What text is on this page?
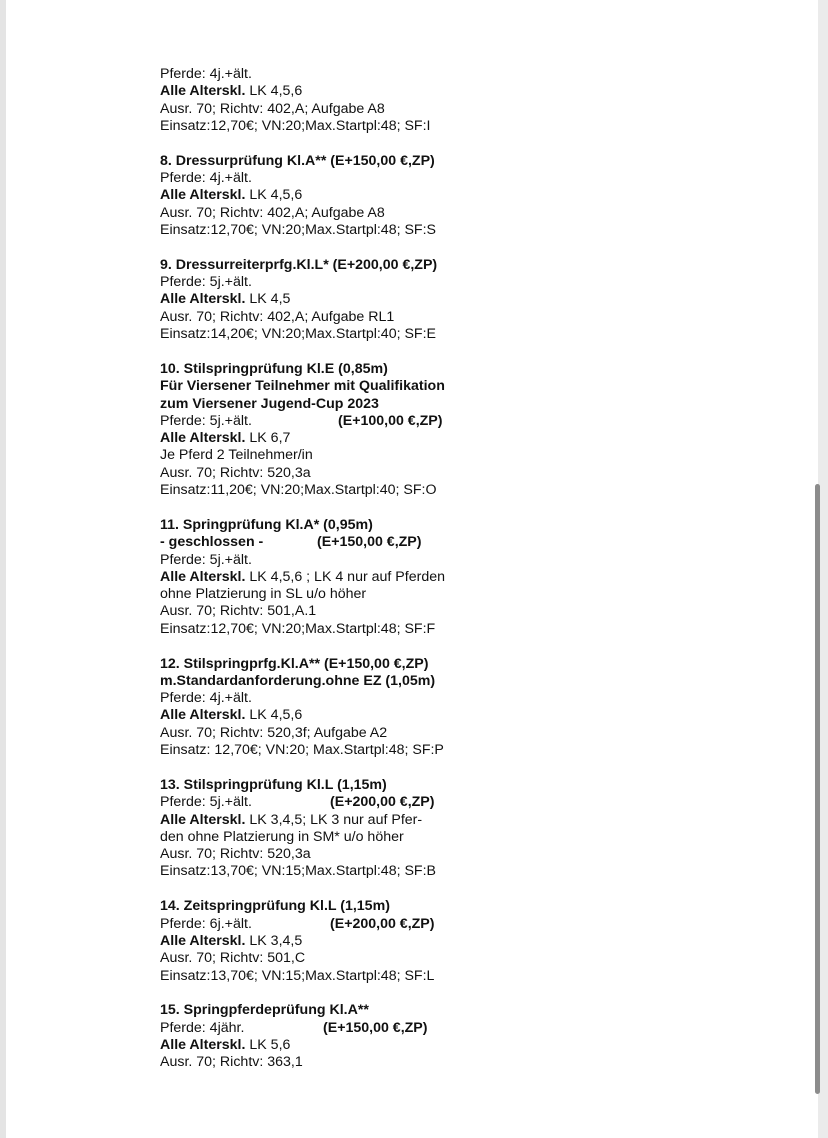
Pferde: 4j.+ält.
Alle Alterskl. LK 4,5,6
Ausr. 70; Richtv: 402,A; Aufgabe A8
Einsatz:12,70€; VN:20;Max.Startpl:48; SF:I
8. Dressurprüfung Kl.A** (E+150,00 €,ZP)
Pferde: 4j.+ält.
Alle Alterskl. LK 4,5,6
Ausr. 70; Richtv: 402,A; Aufgabe A8
Einsatz:12,70€; VN:20;Max.Startpl:48; SF:S
9. Dressurreiterprfg.Kl.L* (E+200,00 €,ZP)
Pferde: 5j.+ält.
Alle Alterskl. LK 4,5
Ausr. 70; Richtv: 402,A; Aufgabe RL1
Einsatz:14,20€; VN:20;Max.Startpl:40; SF:E
10. Stilspringprüfung Kl.E (0,85m)
Für Viersener Teilnehmer mit Qualifikation
zum Viersener Jugend-Cup 2023
Pferde: 5j.+ält.	(E+100,00 €,ZP)
Alle Alterskl. LK 6,7
Je Pferd 2 Teilnehmer/in
Ausr. 70; Richtv: 520,3a
Einsatz:11,20€; VN:20;Max.Startpl:40; SF:O
11. Springprüfung Kl.A* (0,95m)
- geschlossen -	(E+150,00 €,ZP)
Pferde: 5j.+ält.
Alle Alterskl. LK 4,5,6 ; LK 4 nur auf Pferden
ohne Platzierung in SL u/o höher
Ausr. 70; Richtv: 501,A.1
Einsatz:12,70€; VN:20;Max.Startpl:48; SF:F
12. Stilspringprfg.Kl.A** (E+150,00 €,ZP)
m.Standardanforderung.ohne EZ (1,05m)
Pferde: 4j.+ält.
Alle Alterskl. LK 4,5,6
Ausr. 70; Richtv: 520,3f; Aufgabe A2
Einsatz: 12,70€; VN:20; Max.Startpl:48; SF:P
13. Stilspringprüfung Kl.L (1,15m)
Pferde: 5j.+ält.	(E+200,00 €,ZP)
Alle Alterskl. LK 3,4,5; LK 3 nur auf Pfer-
den ohne Platzierung in SM* u/o höher
Ausr. 70; Richtv: 520,3a
Einsatz:13,70€; VN:15;Max.Startpl:48; SF:B
14. Zeitspringprüfung Kl.L (1,15m)
Pferde: 6j.+ält.	(E+200,00 €,ZP)
Alle Alterskl. LK 3,4,5
Ausr. 70; Richtv: 501,C
Einsatz:13,70€; VN:15;Max.Startpl:48; SF:L
15. Springpferdeprüfung Kl.A**
Pferde: 4jähr.	(E+150,00 €,ZP)
Alle Alterskl. LK 5,6
Ausr. 70; Richtv: 363,1
